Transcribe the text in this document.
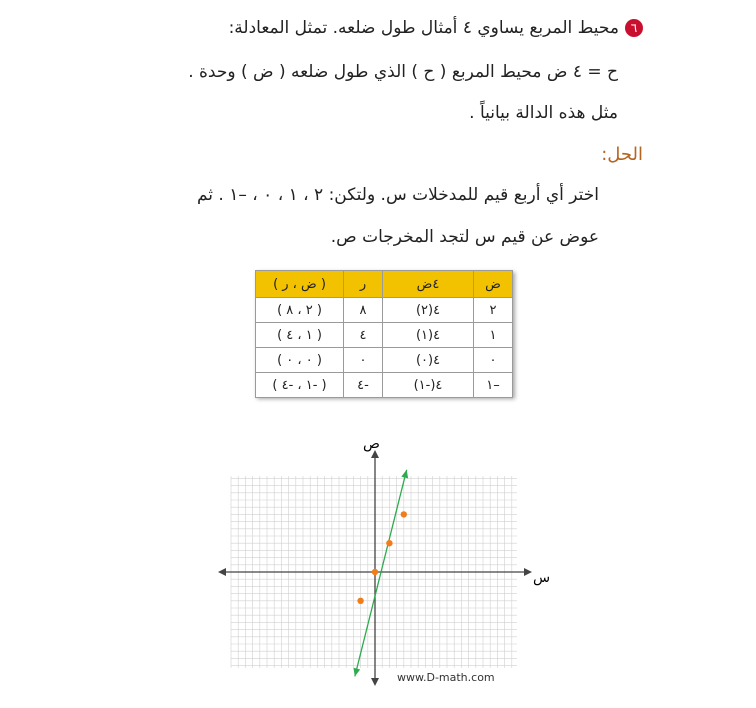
٦محيط المربع يساوي ٤ أمثال طول ضلعه. تمثل المعادلة:
ح = ٤ ض محيط المربع ( ح ) الذي طول ضلعه ( ض ) وحدة .
مثل هذه الدالة بيانياً .
الحل:
اختر أي أربع قيم للمدخلات س. ولتكن: ٢ ، ١ ، ٠ ، –١ . ثم
عوض عن قيم س لتجد المخرجات ص.
ض	٤ض	ر	( ض ، ر )
٢	٤(٢)	٨	( ٢ ، ٨ )
١	٤(١)	٤	( ١ ، ٤ )
٠	٤(٠)	٠	( ٠ ، ٠ )
–١	٤(-١)	-٤	( -١ ، -٤ )
ص
س
www.D-math.com
